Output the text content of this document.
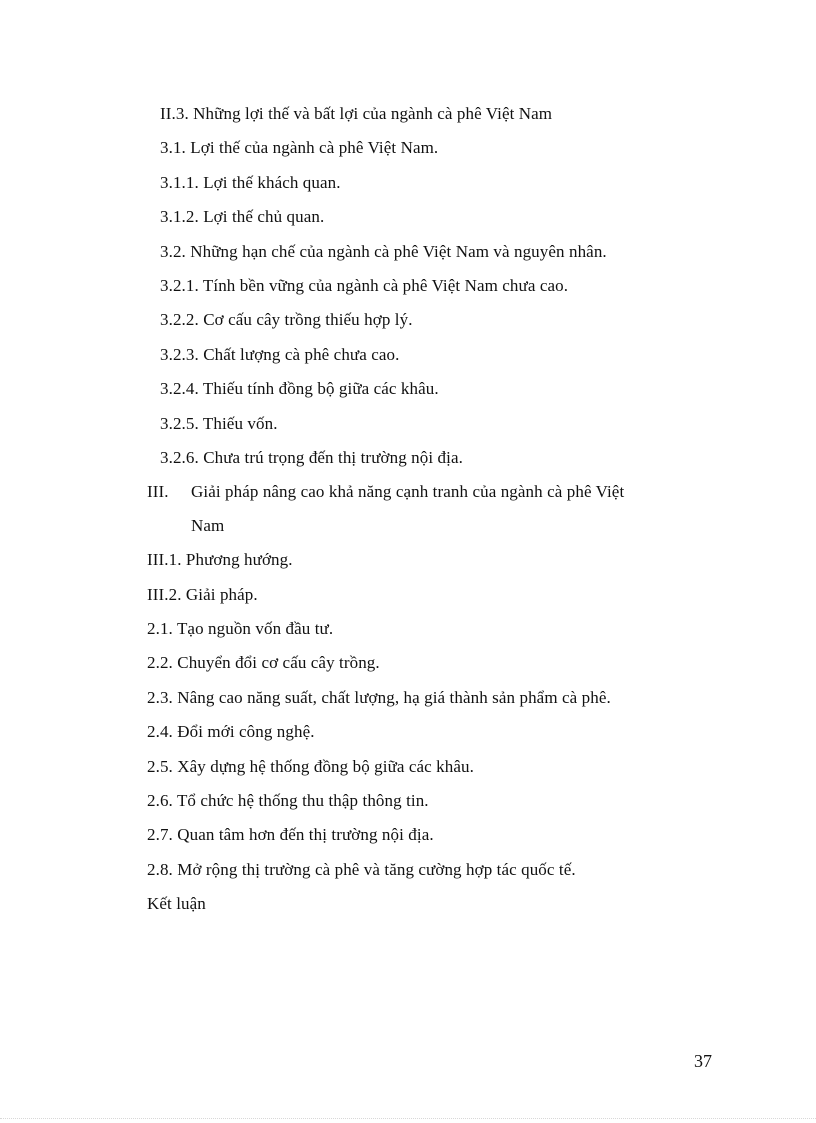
II.3. Những lợi thế và bất lợi của ngành cà phê Việt Nam
3.1. Lợi thế của ngành cà phê Việt Nam.
3.1.1. Lợi thế khách quan.
3.1.2. Lợi thế chủ quan.
3.2. Những hạn chế của ngành cà phê Việt Nam và nguyên nhân.
3.2.1. Tính bền vững của ngành cà phê Việt Nam chưa cao.
3.2.2. Cơ cấu cây trồng thiếu hợp lý.
3.2.3. Chất lượng cà phê chưa cao.
3.2.4. Thiếu tính đồng bộ giữa các khâu.
3.2.5. Thiếu vốn.
3.2.6. Chưa trú trọng đến thị trường nội địa.
III. Giải pháp nâng cao khả năng cạnh tranh của ngành cà phê Việt
Nam
III.1. Phương hướng.
III.2. Giải pháp.
2.1. Tạo nguồn vốn đầu tư.
2.2. Chuyển đổi cơ cấu cây trồng.
2.3. Nâng cao năng suất, chất lượng, hạ giá thành sản phẩm cà phê.
2.4. Đổi mới công nghệ.
2.5. Xây dựng hệ thống đồng bộ giữa các khâu.
2.6. Tổ chức hệ thống thu thập thông tin.
2.7. Quan tâm hơn đến thị trường nội địa.
2.8. Mở rộng thị trường cà phê và tăng cường hợp tác quốc tế.
Kết luận
37
